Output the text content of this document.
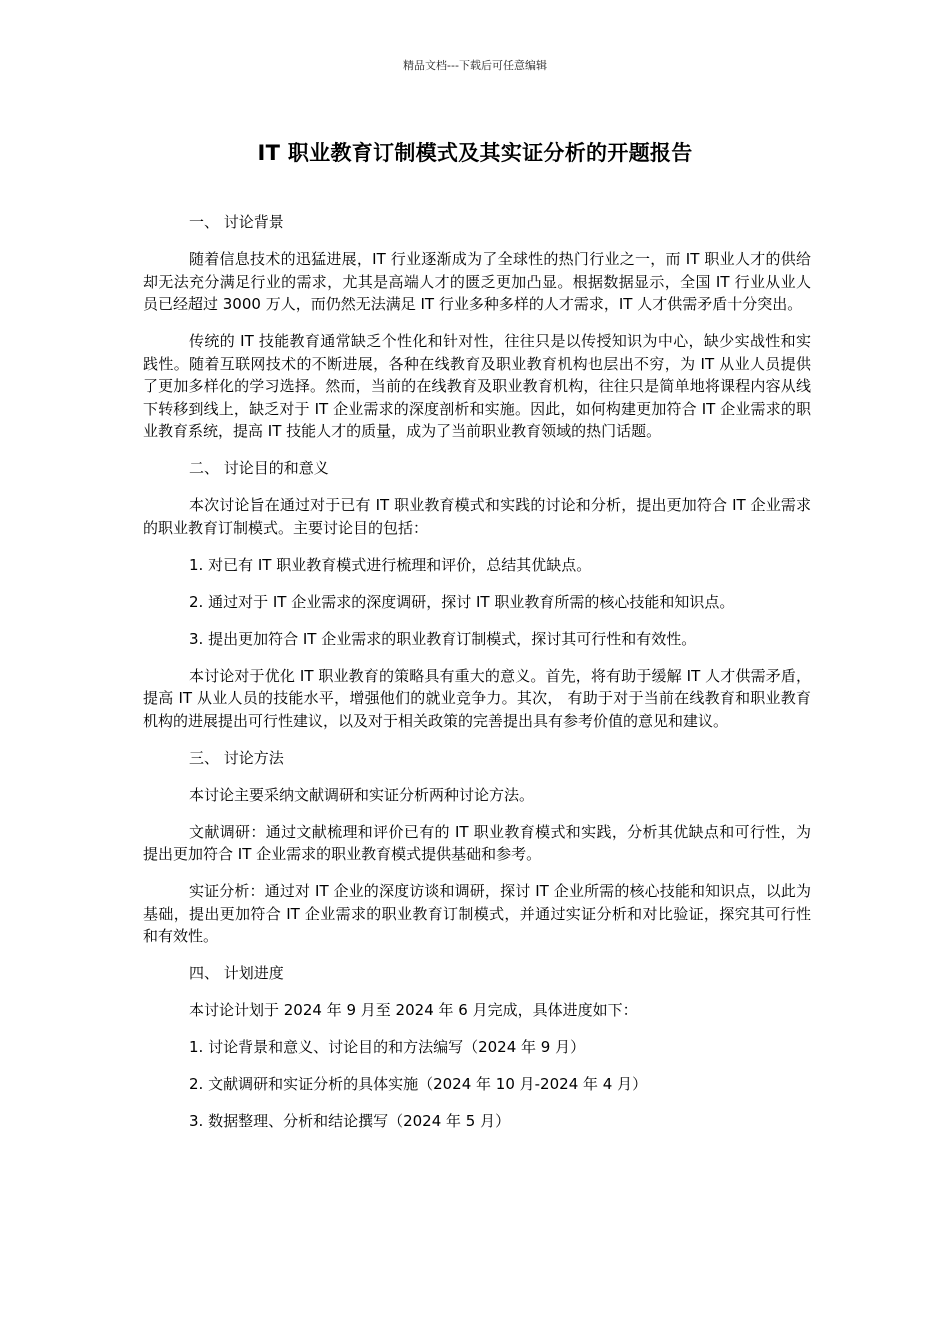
精品文档---下载后可任意编辑
IT 职业教育订制模式及其实证分析的开题报告

一、 讨论背景

随着信息技术的迅猛进展，IT 行业逐渐成为了全球性的热门行业之一，而 IT 职业人才的供给却无法充分满足行业的需求，尤其是高端人才的匮乏更加凸显。根据数据显示，全国 IT 行业从业人员已经超过 3000 万人，而仍然无法满足 IT 行业多种多样的人才需求，IT 人才供需矛盾十分突出。

传统的 IT 技能教育通常缺乏个性化和针对性，往往只是以传授知识为中心，缺少实战性和实践性。随着互联网技术的不断进展，各种在线教育及职业教育机构也层出不穷，为 IT 从业人员提供了更加多样化的学习选择。然而，当前的在线教育及职业教育机构，往往只是简单地将课程内容从线下转移到线上，缺乏对于 IT 企业需求的深度剖析和实施。因此，如何构建更加符合 IT 企业需求的职业教育系统，提高 IT 技能人才的质量，成为了当前职业教育领域的热门话题。

二、 讨论目的和意义

本次讨论旨在通过对于已有 IT 职业教育模式和实践的讨论和分析，提出更加符合 IT 企业需求的职业教育订制模式。主要讨论目的包括：

1. 对已有 IT 职业教育模式进行梳理和评价，总结其优缺点。

2. 通过对于 IT 企业需求的深度调研，探讨 IT 职业教育所需的核心技能和知识点。

3. 提出更加符合 IT 企业需求的职业教育订制模式，探讨其可行性和有效性。

本讨论对于优化 IT 职业教育的策略具有重大的意义。首先，将有助于缓解 IT 人才供需矛盾，提高 IT 从业人员的技能水平，增强他们的就业竞争力。其次， 有助于对于当前在线教育和职业教育机构的进展提出可行性建议，以及对于相关政策的完善提出具有参考价值的意见和建议。

三、 讨论方法

本讨论主要采纳文献调研和实证分析两种讨论方法。

文献调研：通过文献梳理和评价已有的 IT 职业教育模式和实践，分析其优缺点和可行性，为提出更加符合 IT 企业需求的职业教育模式提供基础和参考。

实证分析：通过对 IT 企业的深度访谈和调研，探讨 IT 企业所需的核心技能和知识点，以此为基础，提出更加符合 IT 企业需求的职业教育订制模式，并通过实证分析和对比验证，探究其可行性和有效性。

四、 计划进度

本讨论计划于 2024 年 9 月至 2024 年 6 月完成，具体进度如下：

1. 讨论背景和意义、讨论目的和方法编写（2024 年 9 月）

2. 文献调研和实证分析的具体实施（2024 年 10 月-2024 年 4 月）

3. 数据整理、分析和结论撰写（2024 年 5 月）
